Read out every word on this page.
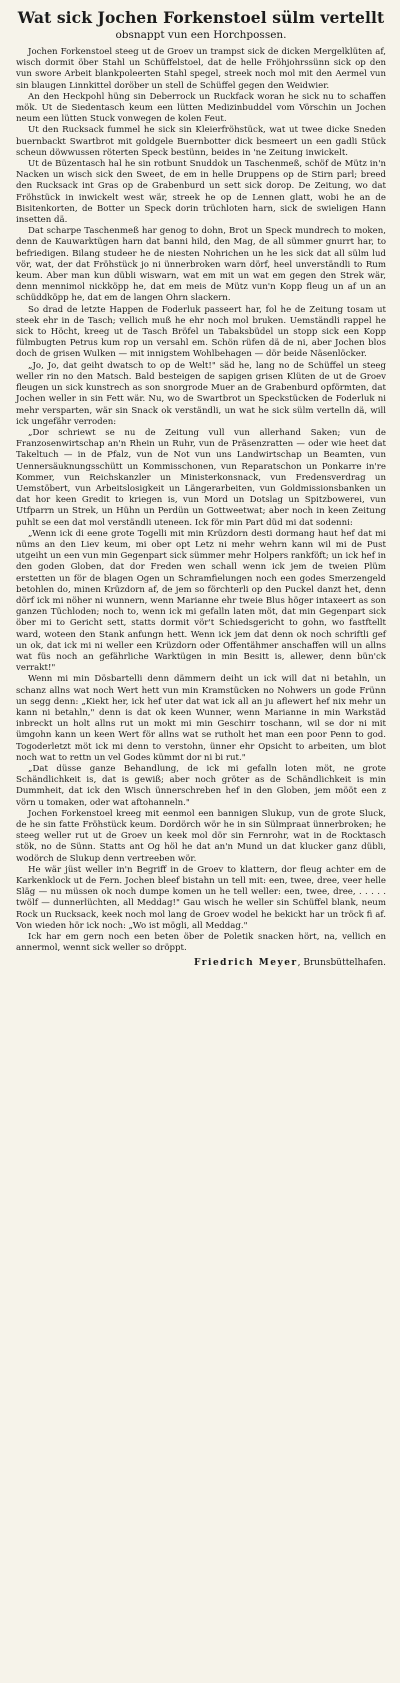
Wat sick Jochen Forkenstoel sülm vertellt
obsnappt vun een Horchpossen.

Jochen Forkenstoel steeg ut de Groev un trampst sick de dicken Mergelklüten af, wisch dormit öber Stahl un Schüffelstoel, dat de helle Fröhjohrssünn sick op den vun swore Arbeit blankpoleerten Stahl spegel, streek noch mol mit den Aermel vun sin blaugen Linnkittel doröber un stell de Schüffel gegen den Weidwier.

An den Heckpohl hüng sin Deberrock un Ruckfack woran he sick nu to schaffen mök. Ut de Siedentasch keum een lütten Medizinbuddel vom Vörschin un Jochen neum een lütten Stuck vonwegen de kolen Feut.

Ut den Rucksack fummel he sick sin Kleierfröhstück, wat ut twee dicke Sneden buernbackt Swartbrot mit goldgele Buernbotter dick besmeert un een gadli Stück scheun döwwussen röterten Speck bestünn, beides in 'ne Zeitung inwickelt.

Ut de Büzentasch hal he sin rotbunt Snuddok un Taschenmeß, schöf de Mütz in'n Nacken un wisch sick den Sweet, de em in helle Druppens op de Stirn parl; breed den Rucksack int Gras op de Grabenburd un sett sick dorop. De Zeitung, wo dat Fröhstück in inwickelt west wär, streek he op de Lennen glatt, wobi he an de Bisitenkorten, de Botter un Speck dorin trüchloten harn, sick de swieligen Hann insetten dä.

Dat scharpe Taschenmeß har genog to dohn, Brot un Speck mundrech to moken, denn de Kauwarktügen harn dat banni hild, den Mag, de all sümmer gnurrt har, to befriedigen. Bilang studeer he de niesten Nohrichen un he les sick dat all sülm lud vör, wat, der dat Fröhstück jo ni ünnerbroken warn dörf, heel unverständli to Rum keum. Aber man kun dübli wiswarn, wat em mit un wat em gegen den Strek wär, denn mennimol nickköpp he, dat em meis de Mütz vun'n Kopp fleug un af un an schüddköpp he, dat em de langen Ohrn slackern.

So drad de letzte Happen de Foderluk passeert har, fol he de Zeitung tosam ut steek ehr in de Tasch; vellich muß he ehr noch mol bruken. Uemständli rappel he sick to Höcht, kreeg ut de Tasch Bröfel un Tabaksbüdel un stopp sick een Kopp fülmbugten Petrus kum rop un versahl em. Schön rüfen dä de ni, aber Jochen blos doch de grisen Wulken — mit innigstem Wohlbehagen — dör beide Näsenlöcker.

„Jo, Jo, dat geiht dwatsch to op de Welt!" säd he, lang no de Schüffel un steeg weller rin no den Matsch. Bald besteigen de sapigen grisen Klüten de ut de Groev fleugen un sick kunstrech as son snorgrode Muer an de Grabenburd opförmten, dat Jochen weller in sin Fett wär. Nu, wo de Swartbrot un Speckstücken de Foderluk ni mehr versparten, wär sin Snack ok verständli, un wat he sick sülm vertelln dä, will ick ungefähr verroden:

„Dor schriewt se nu de Zeitung vull vun allerhand Saken; vun de Franzosenwirtschap an'n Rhein un Ruhr, vun de Präsenzratten — oder wie heet dat Takeltuch — in de Pfalz, vun de Not vun uns Landwirtschap un Beamten, vun Uennersäuknungsschütt un Kommisschonen, vun Reparatschon un Ponkarre in're Kommer, vun Reichskanzler un Ministerkonsnack, vun Fredensverdrag un Uemstöbert, vun Arbeitslosigkeit un Längerarbeiten, vun Goldmissionsbanken un dat hor keen Gredit to kriegen is, vun Mord un Dotslag un Spitzbowerei, vun Utfparrn un Strek, un Hühn un Perdün un Gottweetwat; aber noch in keen Zeitung puhlt se een dat mol verständli uteneen. Ick för min Part düd mi dat sodenni:

„Wenn ick di eene grote Togelli mit min Krüzdorn desti dormang haut hef dat mi nüms an den Liev keum, mi ober opt Letz ni mehr wehrn kann wil mi de Pust utgeiht un een vun min Gegenpart sick sümmer mehr Holpers rankföft; un ick hef in den goden Globen, dat dor Freden wen schall wenn ick jem de tweien Plüm erstetten un för de blagen Ogen un Schramfielungen noch een godes Smerzengeld betohlen do, minen Krüzdorn af, de jem so förchterli op den Puckel danzt het, denn dörf ick mi nöher ni wunnern, wenn Marianne ehr tweie Blus höger intaxeert as son ganzen Tüchloden; noch to, wenn ick mi gefalln laten möt, dat min Gegenpart sick öber mi to Gericht sett, statts dormit vör't Schiedsgericht to gohn, wo fastftellt ward, woteen den Stank anfungn hett. Wenn ick jem dat denn ok noch schriftli gef un ok, dat ick mi ni weller een Krüzdorn oder Offentähmer anschaffen will un allns wat füs noch an gefährliche Warktügen in min Besitt is, allewer, denn bün'ck verrakt!"

Wenn mi min Dösbartelli denn dämmern deiht un ick will dat ni betahln, un schanz allns wat noch Wert hett vun min Kramstücken no Nohwers un gode Frünn un segg denn: „Kiekt her, ick hef uter dat wat ick all an ju aflewert hef nix mehr un kann ni betahln," denn is dat ok keen Wunner, wenn Marianne in min Warkstäd inbreckt un holt allns rut un mokt mi min Geschirr toschann, wil se dor ni mit ümgohn kann un keen Wert för allns wat se rutholt het man een poor Penn to god. Togoderletzt möt ick mi denn to verstohn, ünner ehr Opsicht to arbeiten, um blot noch wat to rettn un vel Godes kümmt dor ni bi rut."

„Dat düsse ganze Behandlung, de ick mi gefalln loten möt, ne grote Schändlichkeit is, dat is gewiß; aber noch gröter as de Schändlichkeit is min Dummheit, dat ick den Wisch ünnerschreben hef in den Globen, jem mööt een z vörn u tomaken, oder wat aftohanneln."

Jochen Forkenstoel kreeg mit eenmol een bannigen Slukup, vun de grote Sluck, de he sin fatte Fröhstück keum. Dordörch wör he in sin Sülmpraat ünnerbroken; he steeg weller rut ut de Groev un keek mol dör sin Fernrohr, wat in de Rocktasch stök, no de Sünn. Statts ant Og höl he dat an'n Mund un dat klucker ganz dübli, wodörch de Slukup denn vertreeben wör.

He wär jüst weller in'n Begriff in de Groev to klattern, dor fleug achter em de Karkenklock ut de Fern. Jochen bleef bistahn un tell mit: een, twee, dree, veer helle Släg — nu müssen ok noch dumpe komen un he tell weller: een, twee, dree, . . . . . twölf — dunnerlüchten, all Meddag!" Gau wisch he weller sin Schüffel blank, neum Rock un Rucksack, keek noch mol lang de Groev wodel he bekickt har un tröck fi af. Von wieden hör ick noch: „Wo ist mögli, all Meddag."

Ick har em gern noch een beten öber de Poletik snacken hört, na, vellich en annermol, wennt sick weller so dröppt.

Friedrich Meyer, Brunsbüttelhafen.
